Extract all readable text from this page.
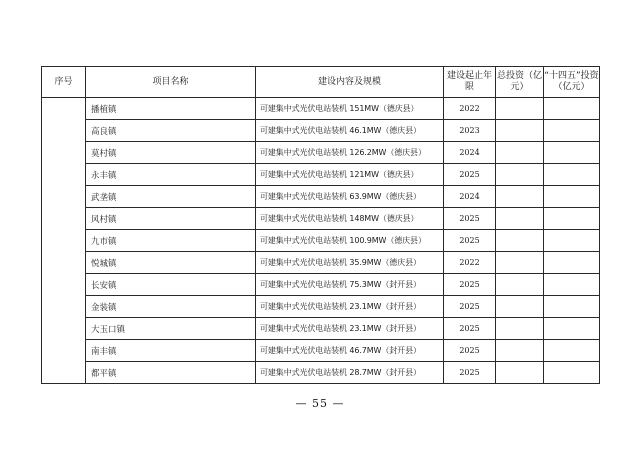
序号	项目名称	建设内容及规模	建设起止年限	总投资（亿元）	“十四五”投资（亿元）
	播植镇	可建集中式光伏电站装机 151MW（德庆县）	2022		
	高良镇	可建集中式光伏电站装机 46.1MW（德庆县）	2023		
	莫村镇	可建集中式光伏电站装机 126.2MW（德庆县）	2024		
	永丰镇	可建集中式光伏电站装机 121MW（德庆县）	2025		
	武垄镇	可建集中式光伏电站装机 63.9MW（德庆县）	2024		
	风村镇	可建集中式光伏电站装机 148MW（德庆县）	2025		
	九市镇	可建集中式光伏电站装机 100.9MW（德庆县）	2025		
	悦城镇	可建集中式光伏电站装机 35.9MW（德庆县）	2022		
	长安镇	可建集中式光伏电站装机 75.3MW（封开县）	2025		
	金装镇	可建集中式光伏电站装机 23.1MW（封开县）	2025		
	大玉口镇	可建集中式光伏电站装机 23.1MW（封开县）	2025		
	南丰镇	可建集中式光伏电站装机 46.7MW（封开县）	2025		
	都平镇	可建集中式光伏电站装机 28.7MW（封开县）	2025		
— 55 —
